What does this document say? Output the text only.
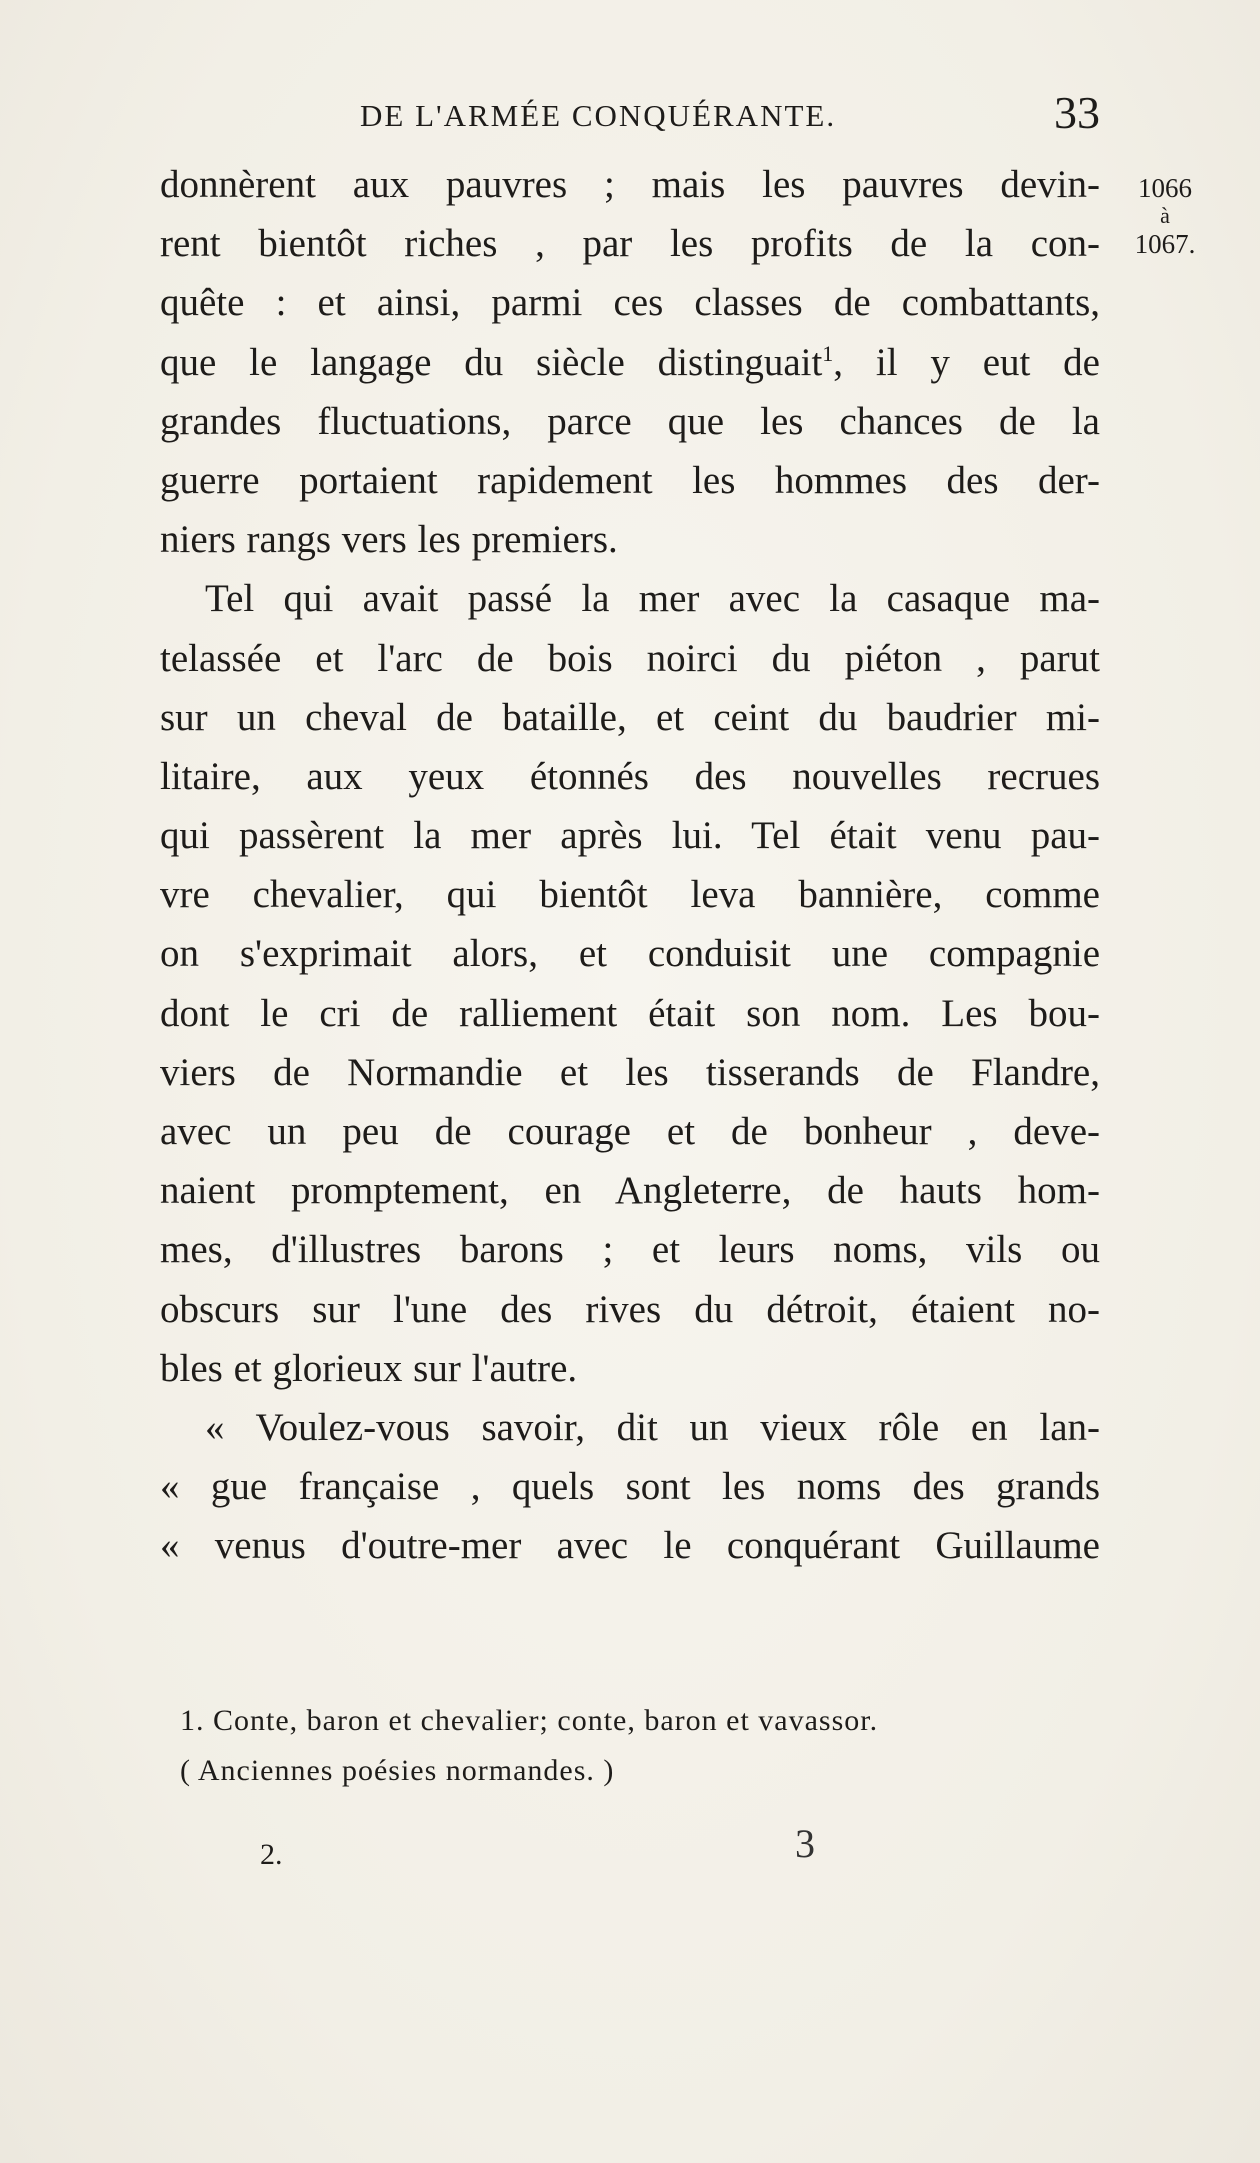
DE L'ARMÉE CONQUÉRANTE.	33
1066
à
1067.
donnèrent aux pauvres ; mais les pauvres devin-
rent bientôt riches , par les profits de la con-
quête : et ainsi, parmi ces classes de combattants,
que le langage du siècle distinguait$^1$, il y eut de
grandes fluctuations, parce que les chances de la
guerre portaient rapidement les hommes des der-
niers rangs vers les premiers.
Tel qui avait passé la mer avec la casaque ma-
telassée et l'arc de bois noirci du piéton , parut
sur un cheval de bataille, et ceint du baudrier mi-
litaire, aux yeux étonnés des nouvelles recrues
qui passèrent la mer après lui. Tel était venu pau-
vre chevalier, qui bientôt leva bannière, comme
on s'exprimait alors, et conduisit une compagnie
dont le cri de ralliement était son nom. Les bou-
viers de Normandie et les tisserands de Flandre,
avec un peu de courage et de bonheur , deve-
naient promptement, en Angleterre, de hauts hom-
mes, d'illustres barons ; et leurs noms, vils ou
obscurs sur l'une des rives du détroit, étaient no-
bles et glorieux sur l'autre.
« Voulez-vous savoir, dit un vieux rôle en lan-
« gue française , quels sont les noms des grands
« venus d'outre-mer avec le conquérant Guillaume
1. Conte, baron et chevalier; conte, baron et vavassor.
( Anciennes poésies normandes. )
2.	3
